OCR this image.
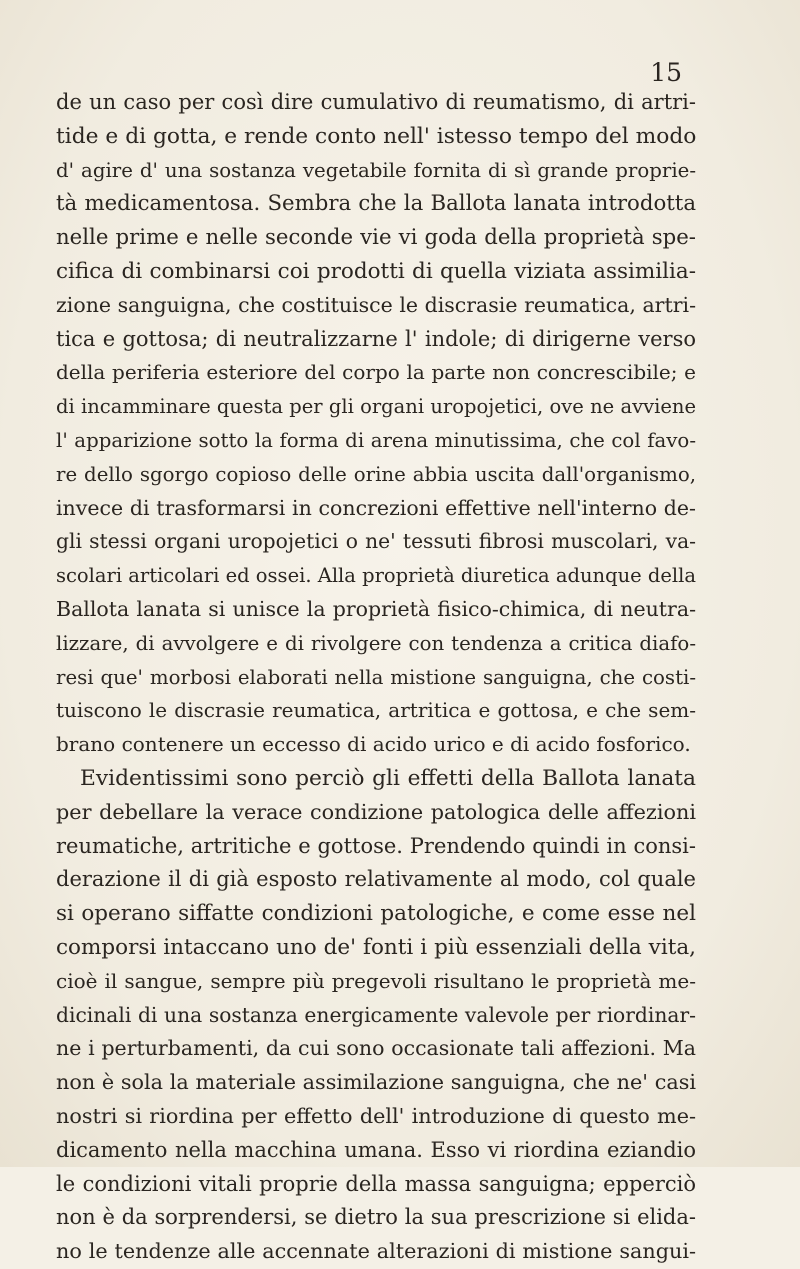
15
de un caso per così dire cumulativo di reumatismo, di artri-
tide e di gotta, e rende conto nell' istesso tempo del modo
d' agire d' una sostanza vegetabile fornita di sì grande proprie-
tà medicamentosa. Sembra che la Ballota lanata introdotta
nelle prime e nelle seconde vie vi goda della proprietà spe-
cifica di combinarsi coi prodotti di quella viziata assimilia-
zione sanguigna, che costituisce le discrasie reumatica, artri-
tica e gottosa; di neutralizzarne l' indole; di dirigerne verso
della periferia esteriore del corpo la parte non concrescibile; e
di incamminare questa per gli organi uropojetici, ove ne avviene
l' apparizione sotto la forma di arena minutissima, che col favo-
re dello sgorgo copioso delle orine abbia uscita dall'organismo,
invece di trasformarsi in concrezioni effettive nell'interno de-
gli stessi organi uropojetici o ne' tessuti fibrosi muscolari, va-
scolari articolari ed ossei. Alla proprietà diuretica adunque della
Ballota lanata si unisce la proprietà fisico-chimica, di neutra-
lizzare, di avvolgere e di rivolgere con tendenza a critica diafo-
resi que' morbosi elaborati nella mistione sanguigna, che costi-
tuiscono le discrasie reumatica, artritica e gottosa, e che sem-
brano contenere un eccesso di acido urico e di acido fosforico.
Evidentissimi sono perciò gli effetti della Ballota lanata
per debellare la verace condizione patologica delle affezioni
reumatiche, artritiche e gottose. Prendendo quindi in consi-
derazione il di già esposto relativamente al modo, col quale
si operano siffatte condizioni patologiche, e come esse nel
comporsi intaccano uno de' fonti i più essenziali della vita,
cioè il sangue, sempre più pregevoli risultano le proprietà me-
dicinali di una sostanza energicamente valevole per riordinar-
ne i perturbamenti, da cui sono occasionate tali affezioni. Ma
non è sola la materiale assimilazione sanguigna, che ne' casi
nostri si riordina per effetto dell' introduzione di questo me-
dicamento nella macchina umana. Esso vi riordina eziandio
le condizioni vitali proprie della massa sanguigna; epperciò
non è da sorprendersi, se dietro la sua prescrizione si elida-
no le tendenze alle accennate alterazioni di mistione sangui-
